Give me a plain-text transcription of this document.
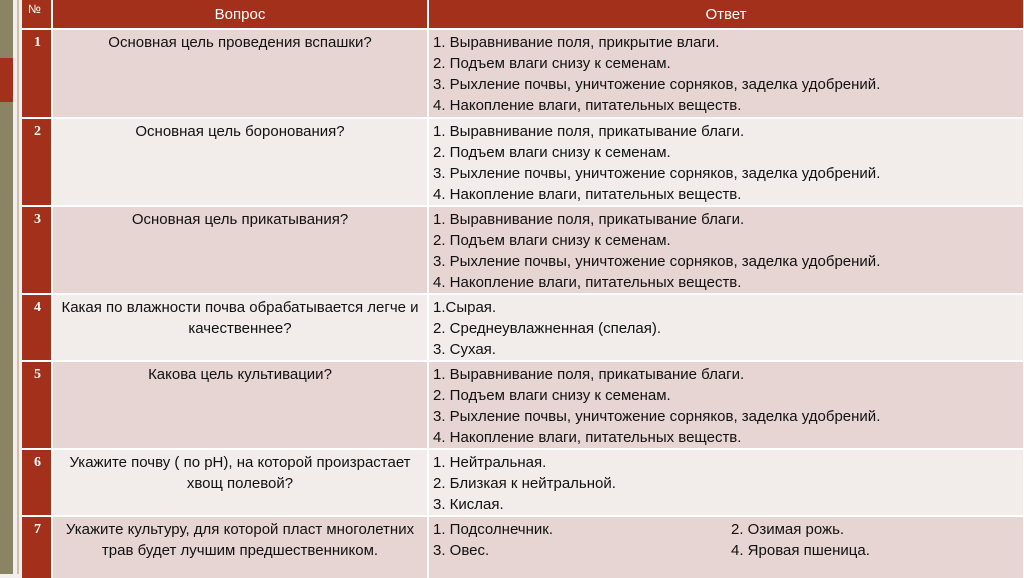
№	Вопрос	Ответ
1	Основная цель проведения вспашки?	1. Выравнивание поля, прикрытие влаги.
2. Подъем влаги снизу к семенам.
3. Рыхление почвы, уничтожение сорняков, заделка удобрений.
4. Накопление влаги, питательных веществ.

2	Основная цель боронования?	1. Выравнивание поля, прикатывание благи.
2. Подъем влаги снизу к семенам.
3. Рыхление почвы, уничтожение сорняков, заделка удобрений.
4. Накопление влаги, питательных веществ.

3	Основная цель прикатывания?	1. Выравнивание поля, прикатывание благи.
2. Подъем влаги снизу к семенам.
3. Рыхление почвы, уничтожение сорняков, заделка удобрений.
4. Накопление влаги, питательных веществ.

4	Какая по влажности почва обрабатывается легче и качественнее?	1.Сырая.
2. Среднеувлажненная (спелая).
3. Сухая.

5	Какова цель культивации?	1. Выравнивание поля, прикатывание благи.
2. Подъем влаги снизу к семенам.
3. Рыхление почвы, уничтожение сорняков, заделка удобрений.
4. Накопление влаги, питательных веществ.

6	Укажите почву ( по рН), на которой произрастает хвощ полевой?	1. Нейтральная.
2. Близкая к нейтральной.
3. Кислая.

7	Укажите культуру, для которой пласт многолетних трав будет лучшим предшественником.	1. Подсолнечник. 2. Озимая рожь.
3. Овес. 4. Яровая пшеница.
